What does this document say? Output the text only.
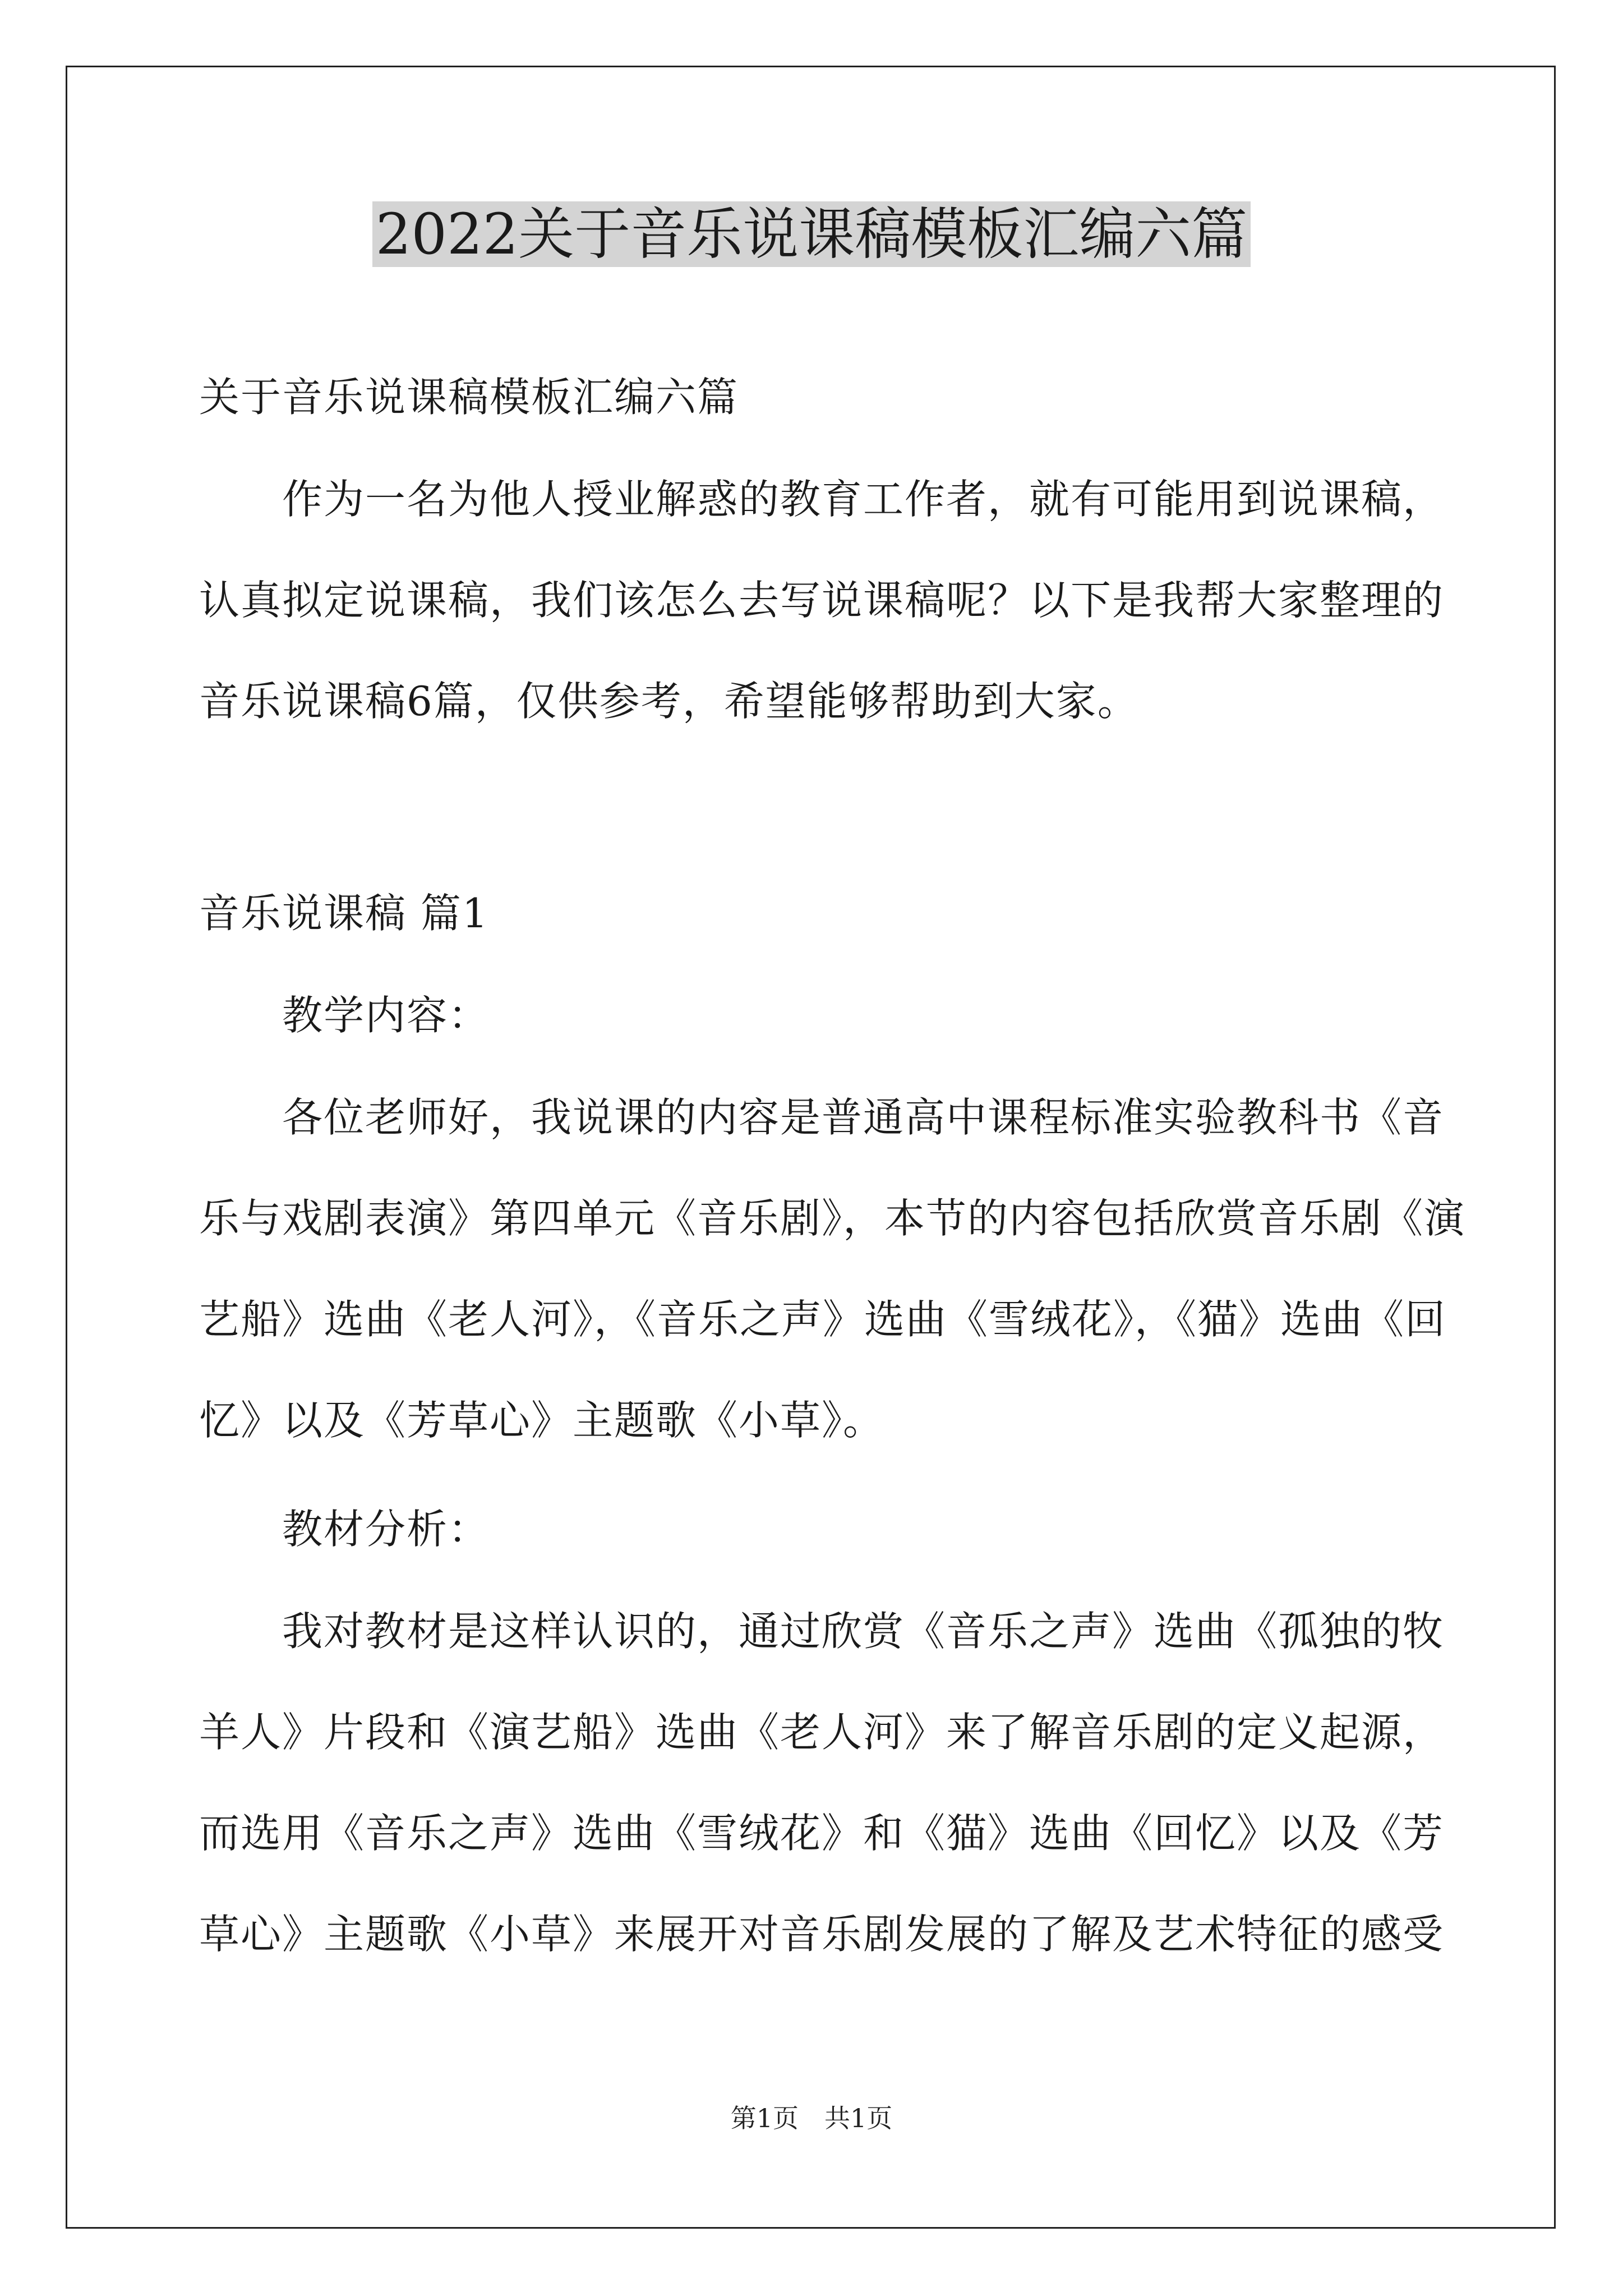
2022关于音乐说课稿模板汇编六篇
关于音乐说课稿模板汇编六篇
作为一名为他人授业解惑的教育工作者，就有可能用到说课稿，
认真拟定说课稿，我们该怎么去写说课稿呢？以下是我帮大家整理的
音乐说课稿6篇，仅供参考，希望能够帮助到大家。
音乐说课稿 篇1
教学内容：
各位老师好，我说课的内容是普通高中课程标准实验教科书《音
乐与戏剧表演》第四单元《音乐剧》，本节的内容包括欣赏音乐剧《演
艺船》选曲《老人河》，《音乐之声》选曲《雪绒花》，《猫》选曲《回
忆》以及《芳草心》主题歌《小草》。
教材分析：
我对教材是这样认识的，通过欣赏《音乐之声》选曲《孤独的牧
羊人》片段和《演艺船》选曲《老人河》来了解音乐剧的定义起源，
而选用《音乐之声》选曲《雪绒花》和《猫》选曲《回忆》以及《芳
草心》主题歌《小草》来展开对音乐剧发展的了解及艺术特征的感受
第1页　共1页
